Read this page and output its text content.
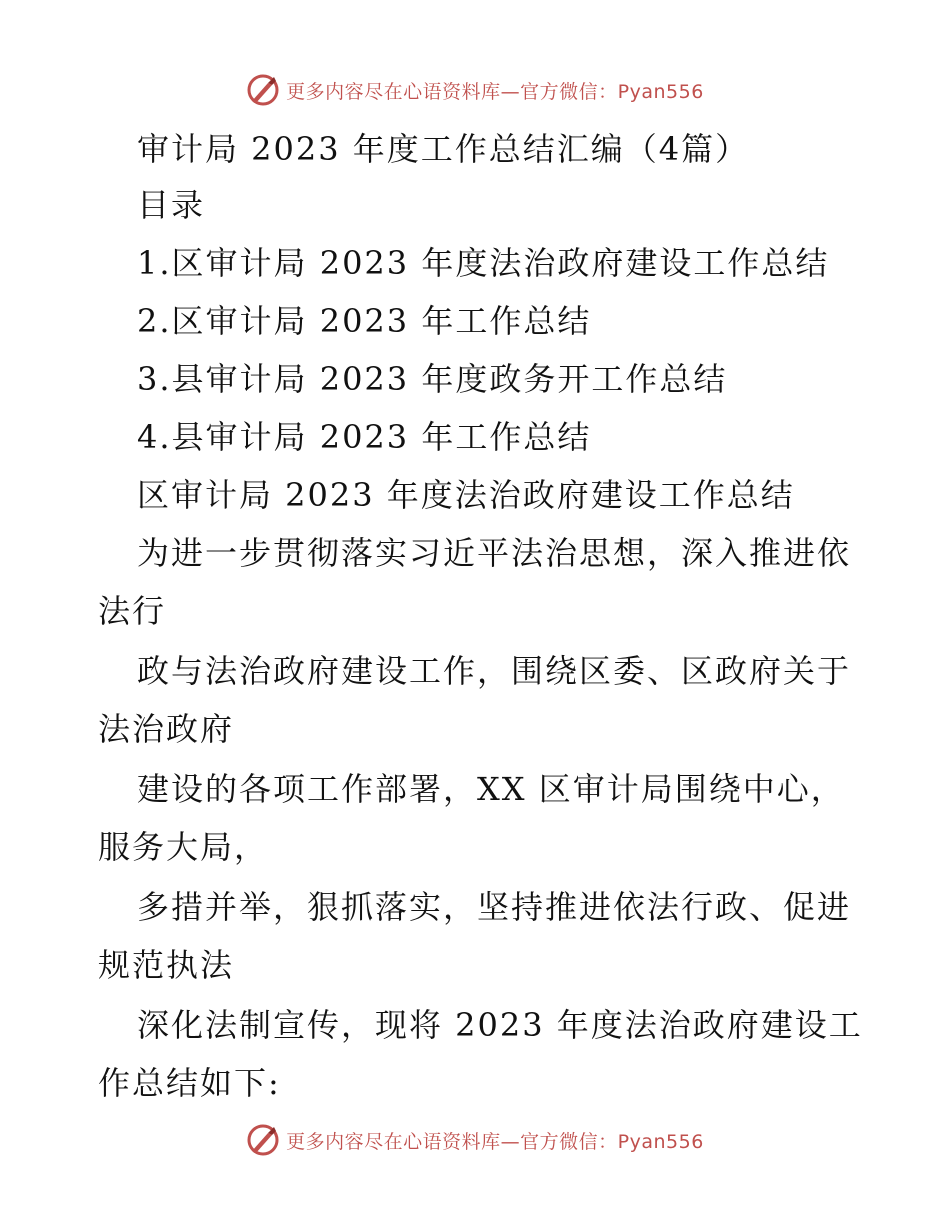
更多内容尽在心语资料库—官方微信：Pyan556
审计局 2023 年度工作总结汇编（4篇）
目录
1.区审计局 2023 年度法治政府建设工作总结
2.区审计局 2023 年工作总结
3.县审计局 2023 年度政务开工作总结
4.县审计局 2023 年工作总结
区审计局 2023 年度法治政府建设工作总结
为进一步贯彻落实习近平法治思想，深入推进依
法行
政与法治政府建设工作，围绕区委、区政府关于
法治政府
建设的各项工作部署，XX 区审计局围绕中心，
服务大局，
多措并举，狠抓落实，坚持推进依法行政、促进
规范执法
深化法制宣传，现将 2023 年度法治政府建设工
作总结如下:
更多内容尽在心语资料库—官方微信：Pyan556
